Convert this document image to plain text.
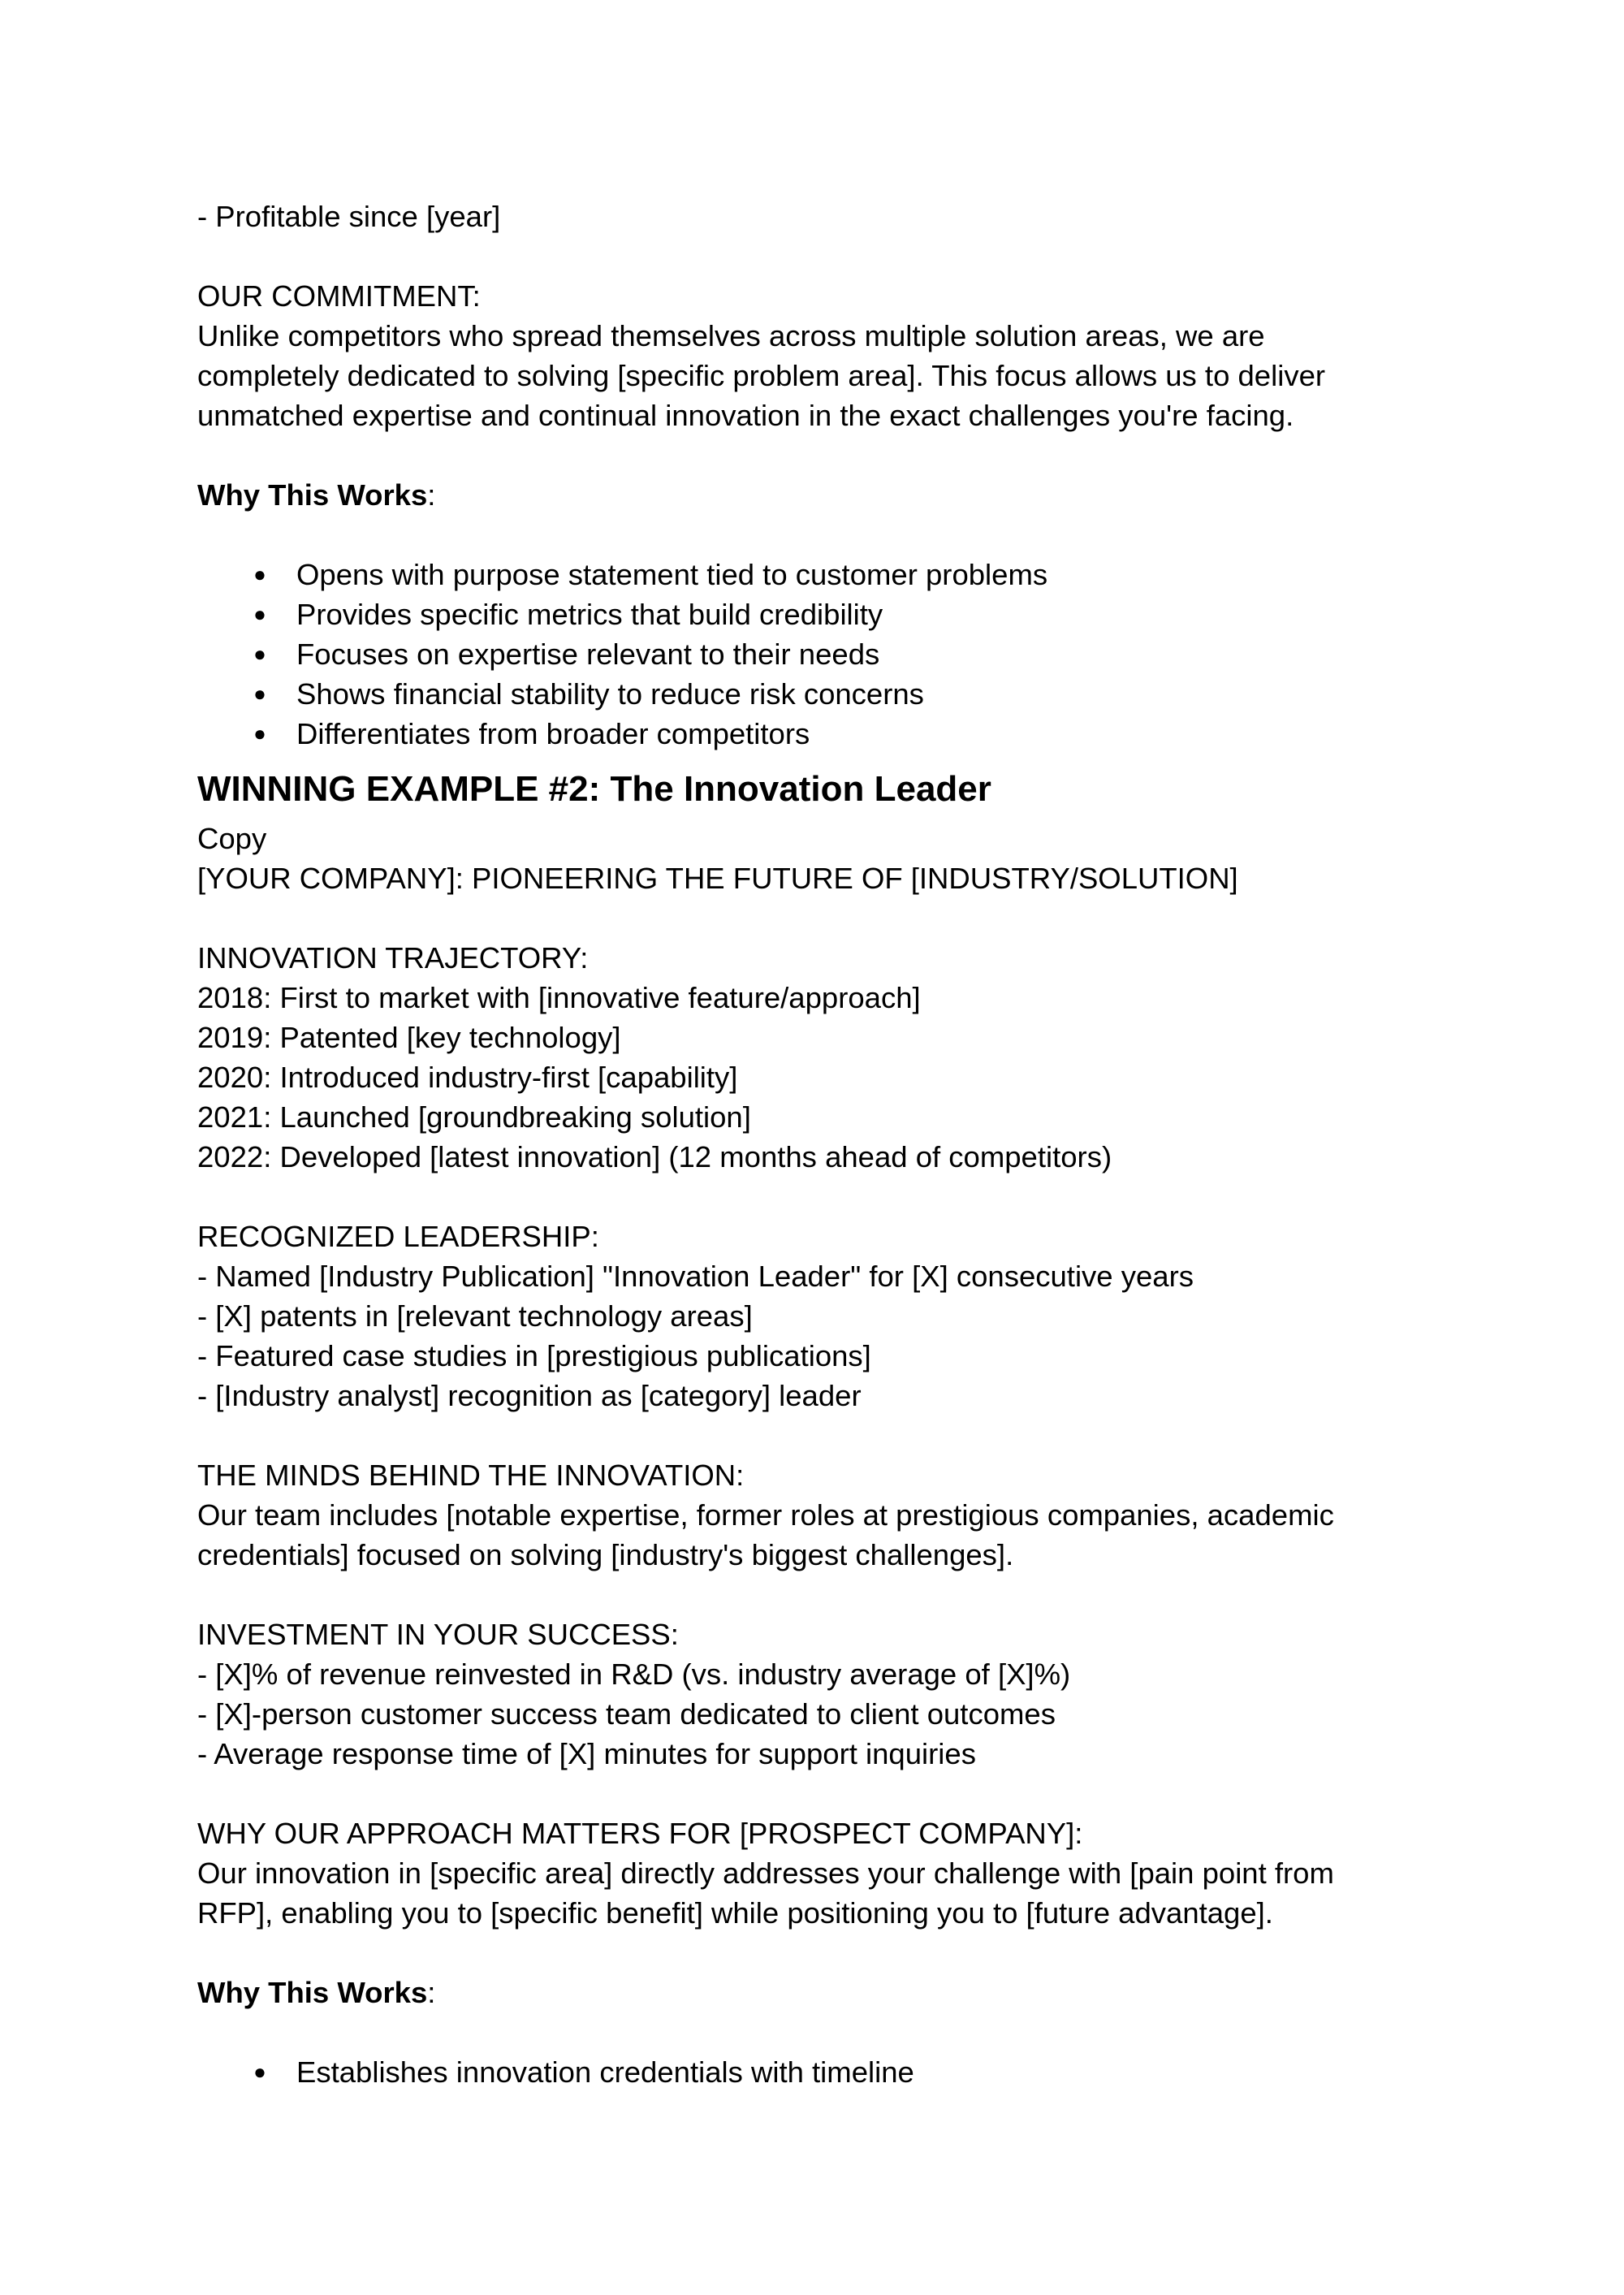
- Profitable since [year]
OUR COMMITMENT:
Unlike competitors who spread themselves across multiple solution areas, we are
completely dedicated to solving [specific problem area]. This focus allows us to deliver
unmatched expertise and continual innovation in the exact challenges you're facing.
Why This Works:
● Opens with purpose statement tied to customer problems
● Provides specific metrics that build credibility
● Focuses on expertise relevant to their needs
● Shows financial stability to reduce risk concerns
● Differentiates from broader competitors
WINNING EXAMPLE #2: The Innovation Leader
Copy
[YOUR COMPANY]: PIONEERING THE FUTURE OF [INDUSTRY/SOLUTION]
INNOVATION TRAJECTORY:
2018: First to market with [innovative feature/approach]
2019: Patented [key technology]
2020: Introduced industry-first [capability]
2021: Launched [groundbreaking solution]
2022: Developed [latest innovation] (12 months ahead of competitors)
RECOGNIZED LEADERSHIP:
- Named [Industry Publication] "Innovation Leader" for [X] consecutive years
- [X] patents in [relevant technology areas]
- Featured case studies in [prestigious publications]
- [Industry analyst] recognition as [category] leader
THE MINDS BEHIND THE INNOVATION:
Our team includes [notable expertise, former roles at prestigious companies, academic
credentials] focused on solving [industry's biggest challenges].
INVESTMENT IN YOUR SUCCESS:
- [X]% of revenue reinvested in R&D (vs. industry average of [X]%)
- [X]-person customer success team dedicated to client outcomes
- Average response time of [X] minutes for support inquiries
WHY OUR APPROACH MATTERS FOR [PROSPECT COMPANY]:
Our innovation in [specific area] directly addresses your challenge with [pain point from
RFP], enabling you to [specific benefit] while positioning you to [future advantage].
Why This Works:
● Establishes innovation credentials with timeline
